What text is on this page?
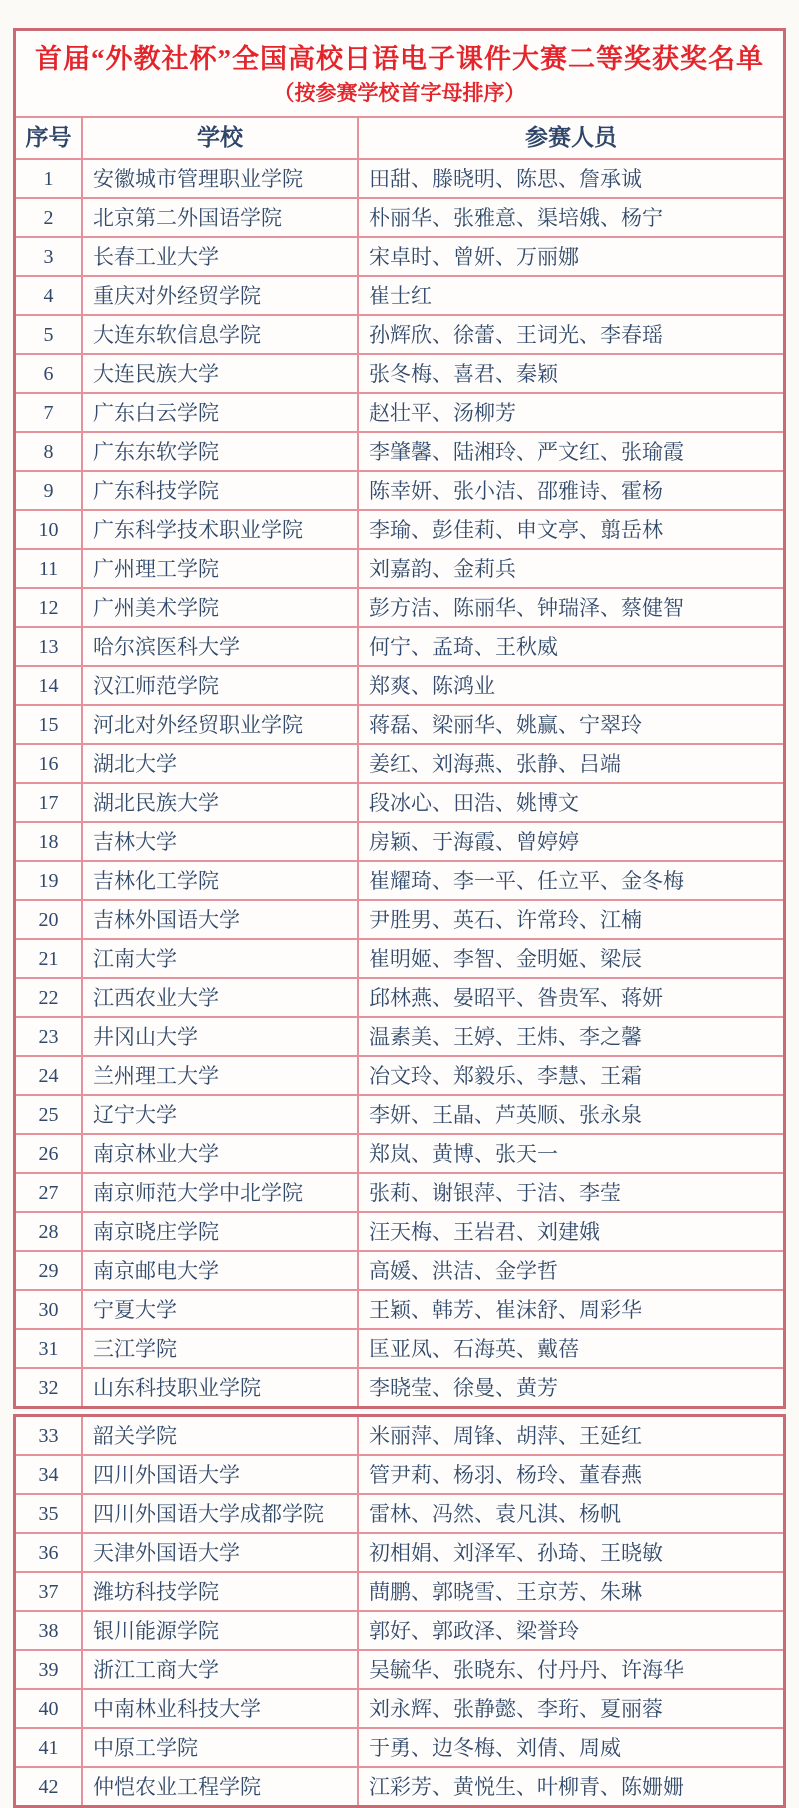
首届“外教社杯”全国高校日语电子课件大赛二等奖获奖名单
（按参赛学校首字母排序）
序号	学校	参赛人员
1	安徽城市管理职业学院	田甜、滕晓明、陈思、詹承诚
2	北京第二外国语学院	朴丽华、张雅意、渠培娥、杨宁
3	长春工业大学	宋卓时、曾妍、万丽娜
4	重庆对外经贸学院	崔士红
5	大连东软信息学院	孙辉欣、徐蕾、王词光、李春瑶
6	大连民族大学	张冬梅、喜君、秦颖
7	广东白云学院	赵壮平、汤柳芳
8	广东东软学院	李肇馨、陆湘玲、严文红、张瑜霞
9	广东科技学院	陈幸妍、张小洁、邵雅诗、霍杨
10	广东科学技术职业学院	李瑜、彭佳莉、申文亭、翦岳林
11	广州理工学院	刘嘉韵、金莉兵
12	广州美术学院	彭方洁、陈丽华、钟瑞泽、蔡健智
13	哈尔滨医科大学	何宁、孟琦、王秋威
14	汉江师范学院	郑爽、陈鸿业
15	河北对外经贸职业学院	蒋磊、梁丽华、姚赢、宁翠玲
16	湖北大学	姜红、刘海燕、张静、吕端
17	湖北民族大学	段冰心、田浩、姚博文
18	吉林大学	房颖、于海霞、曾婷婷
19	吉林化工学院	崔耀琦、李一平、任立平、金冬梅
20	吉林外国语大学	尹胜男、英石、许常玲、江楠
21	江南大学	崔明姬、李智、金明姬、梁辰
22	江西农业大学	邱林燕、晏昭平、昝贵军、蒋妍
23	井冈山大学	温素美、王婷、王炜、李之馨
24	兰州理工大学	冶文玲、郑毅乐、李慧、王霜
25	辽宁大学	李妍、王晶、芦英顺、张永泉
26	南京林业大学	郑岚、黄博、张天一
27	南京师范大学中北学院	张莉、谢银萍、于洁、李莹
28	南京晓庄学院	汪天梅、王岩君、刘建娥
29	南京邮电大学	高媛、洪洁、金学哲
30	宁夏大学	王颖、韩芳、崔沫舒、周彩华
31	三江学院	匡亚凤、石海英、戴蓓
32	山东科技职业学院	李晓莹、徐曼、黄芳
33	韶关学院	米丽萍、周锋、胡萍、王延红
34	四川外国语大学	管尹莉、杨羽、杨玲、董春燕
35	四川外国语大学成都学院	雷林、冯然、袁凡淇、杨帆
36	天津外国语大学	初相娟、刘泽军、孙琦、王晓敏
37	潍坊科技学院	蔄鹏、郭晓雪、王京芳、朱琳
38	银川能源学院	郭好、郭政泽、梁誉玲
39	浙江工商大学	吴毓华、张晓东、付丹丹、许海华
40	中南林业科技大学	刘永辉、张静懿、李珩、夏丽蓉
41	中原工学院	于勇、边冬梅、刘倩、周威
42	仲恺农业工程学院	江彩芳、黄悦生、叶柳青、陈姗姗
